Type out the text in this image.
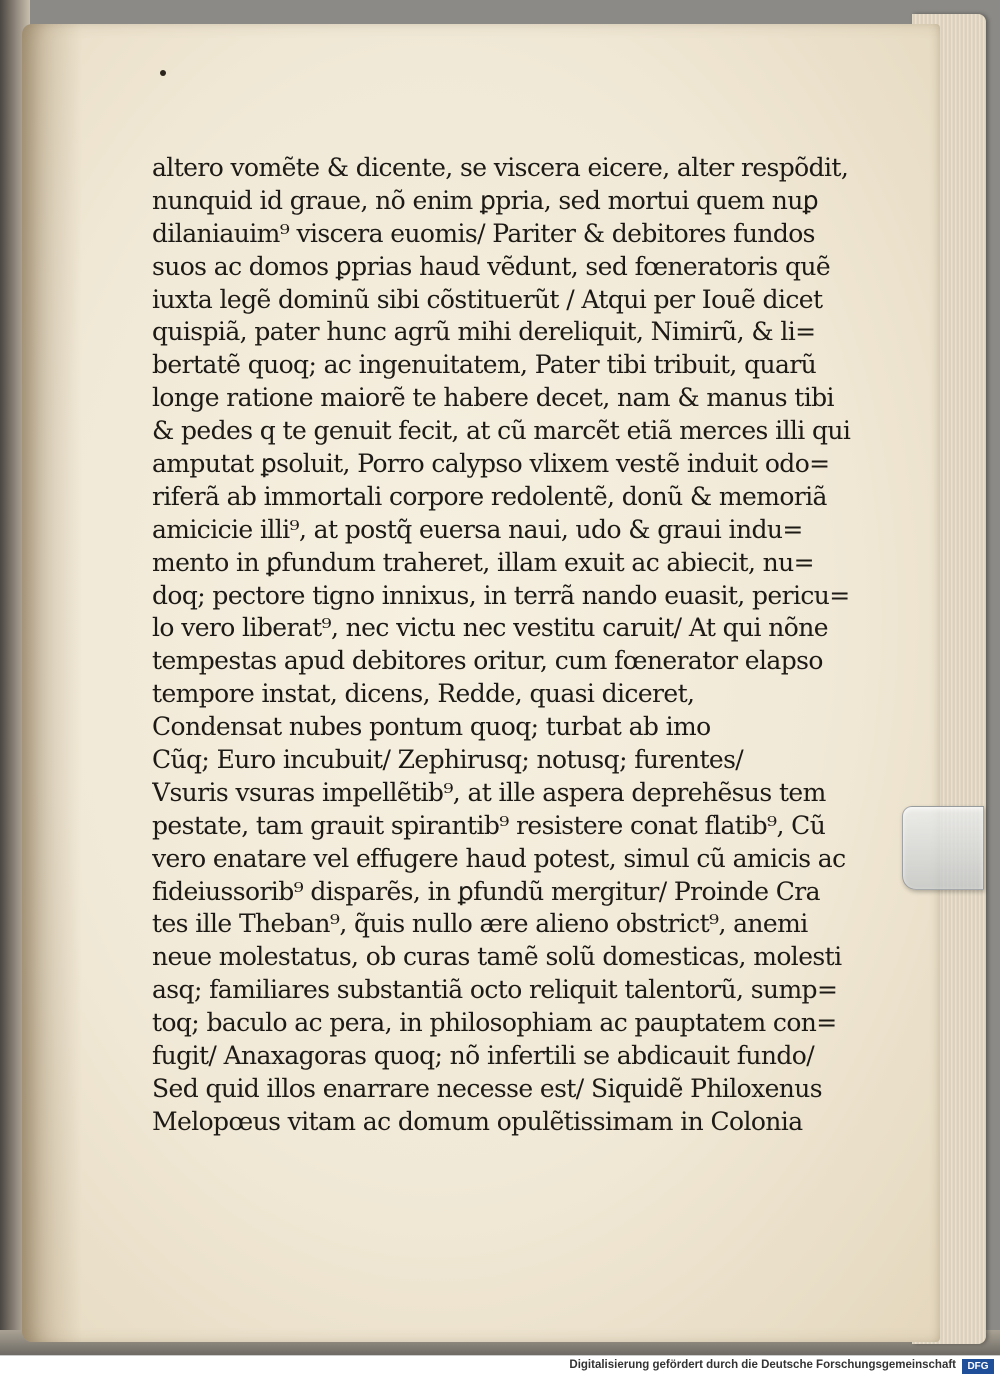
altero vomẽte & dicente, se viscera eicere, alter respõdit,
nunquid id graue, nõ enim ꝑpria, sed mortui quem nuꝑ
dilaniauim⁹ viscera euomis/ Pariter & debitores fundos
suos ac domos ꝑprias haud vẽdunt, sed fœneratoris quẽ
iuxta legẽ dominũ sibi cõstituerũt / Atqui per Iouẽ dicet
quispiã, pater hunc agrũ mihi dereliquit, Nimirũ, & li=
bertatẽ quoq; ac ingenuitatem, Pater tibi tribuit, quarũ
longe ratione maiorẽ te habere decet, nam & manus tibi
& pedes q te genuit fecit, at cũ marcẽt etiã merces illi qui
amputat ꝑsoluit, Porro calypso vlixem vestẽ induit odo=
riferã ab immortali corpore redolentẽ, donũ & memoriã
amicicie illi⁹, at postq̃ euersa naui, udo & graui indu=
mento in ꝑfundum traheret, illam exuit ac abiecit, nu=
doq; pectore tigno innixus, in terrã nando euasit, pericu=
lo vero liberat⁹, nec victu nec vestitu caruit/ At qui nõne
tempestas apud debitores oritur, cum fœnerator elapso
tempore instat, dicens, Redde, quasi diceret,
Condensat nubes pontum quoq; turbat ab imo
Cũq; Euro incubuit/ Zephirusq; notusq; furentes/
Vsuris vsuras impellẽtib⁹, at ille aspera deprehẽsus tem
pestate, tam grauit spirantib⁹ resistere conat flatib⁹, Cũ
vero enatare vel effugere haud potest, simul cũ amicis ac
fideiussorib⁹ disparẽs, in ꝑfundũ mergitur/ Proinde Cra
tes ille Theban⁹, q̃uis nullo ære alieno obstrict⁹, anemi
neue molestatus, ob curas tamẽ solũ domesticas, molesti
asq; familiares substantiã octo reliquit talentorũ, sump=
toq; baculo ac pera, in philosophiam ac pauptatem con=
fugit/ Anaxagoras quoq; nõ infertili se abdicauit fundo/
Sed quid illos enarrare necesse est/ Siquidẽ Philoxenus
Melopœus vitam ac domum opulẽtissimam in Colonia
Digitalisierung gefördert durch die Deutsche Forschungsgemeinschaft	DFG
